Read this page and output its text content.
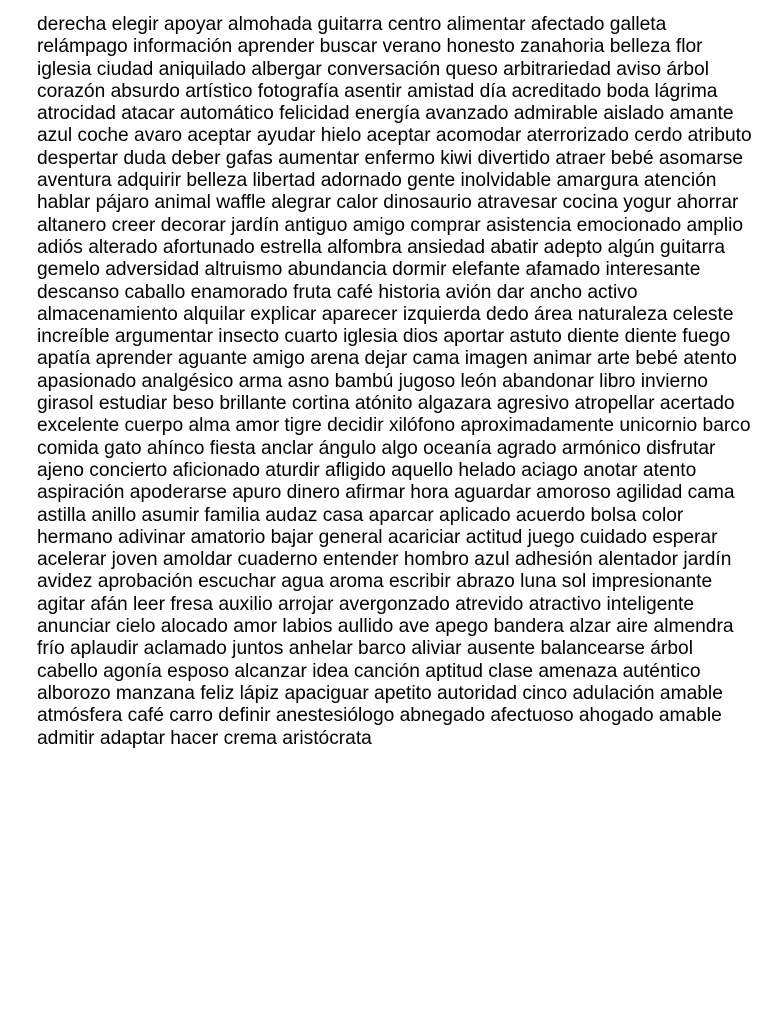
derecha elegir apoyar almohada guitarra centro alimentar afectado galleta
relámpago información aprender buscar verano honesto zanahoria belleza flor
iglesia ciudad aniquilado albergar conversación queso arbitrariedad aviso árbol
corazón absurdo artístico fotografía asentir amistad día acreditado boda lágrima
atrocidad atacar automático felicidad energía avanzado admirable aislado amante
azul coche avaro aceptar ayudar hielo aceptar acomodar aterrorizado cerdo atributo
despertar duda deber gafas aumentar enfermo kiwi divertido atraer bebé asomarse
aventura adquirir belleza libertad adornado gente inolvidable amargura atención
hablar pájaro animal waffle alegrar calor dinosaurio atravesar cocina yogur ahorrar
altanero creer decorar jardín antiguo amigo comprar asistencia emocionado amplio
adiós alterado afortunado estrella alfombra ansiedad abatir adepto algún guitarra
gemelo adversidad altruismo abundancia dormir elefante afamado interesante
descanso caballo enamorado fruta café historia avión dar ancho activo
almacenamiento alquilar explicar aparecer izquierda dedo área naturaleza celeste
increíble argumentar insecto cuarto iglesia dios aportar astuto diente diente fuego
apatía aprender aguante amigo arena dejar cama imagen animar arte bebé atento
apasionado analgésico arma asno bambú jugoso león abandonar libro invierno
girasol estudiar beso brillante cortina atónito algazara agresivo atropellar acertado
excelente cuerpo alma amor tigre decidir xilófono aproximadamente unicornio barco
comida gato ahínco fiesta anclar ángulo algo oceanía agrado armónico disfrutar
ajeno concierto aficionado aturdir afligido aquello helado aciago anotar atento
aspiración apoderarse apuro dinero afirmar hora aguardar amoroso agilidad cama
astilla anillo asumir familia audaz casa aparcar aplicado acuerdo bolsa color
hermano adivinar amatorio bajar general acariciar actitud juego cuidado esperar
acelerar joven amoldar cuaderno entender hombro azul adhesión alentador jardín
avidez aprobación escuchar agua aroma escribir abrazo luna sol impresionante
agitar afán leer fresa auxilio arrojar avergonzado atrevido atractivo inteligente
anunciar cielo alocado amor labios aullido ave apego bandera alzar aire almendra
frío aplaudir aclamado juntos anhelar barco aliviar ausente balancearse árbol
cabello agonía esposo alcanzar idea canción aptitud clase amenaza auténtico
alborozo manzana feliz lápiz apaciguar apetito autoridad cinco adulación amable
atmósfera café carro definir anestesiólogo abnegado afectuoso ahogado amable
admitir adaptar hacer crema aristócrata
